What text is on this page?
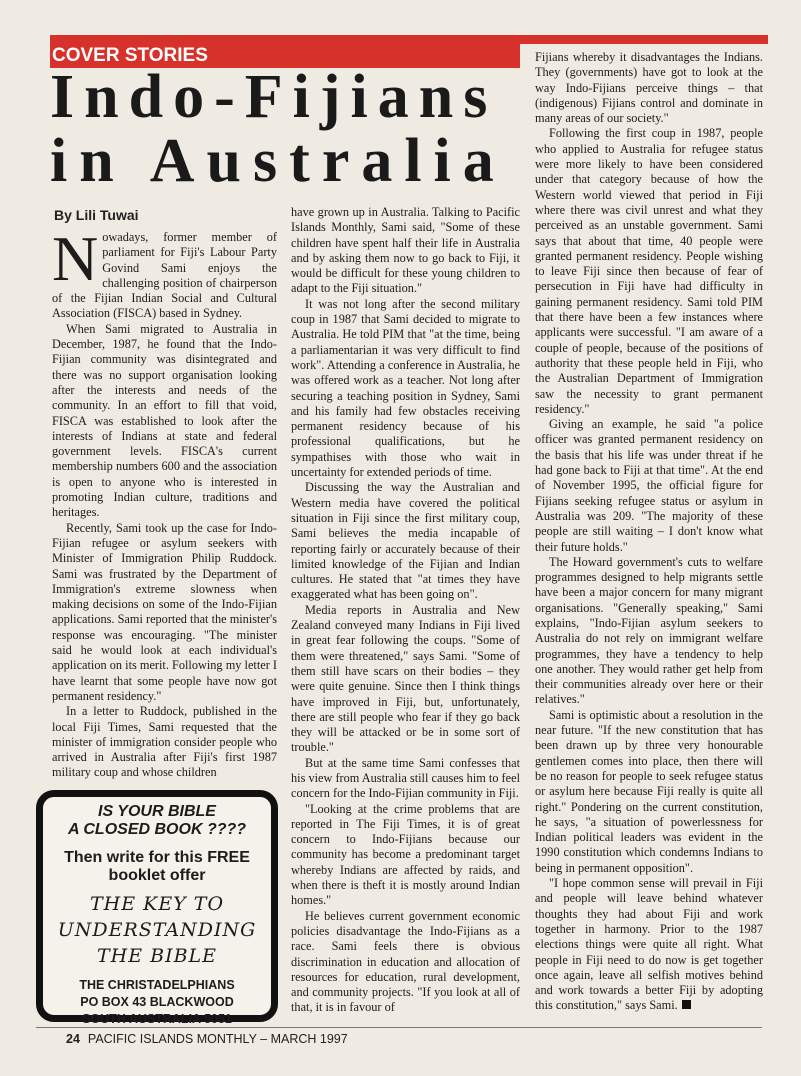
COVER STORIES
Indo-Fijians
in Australia
By Lili Tuwai

Nowadays, former member of parliament for Fiji's Labour Party Govind Sami enjoys the challenging position of chairperson of the Fijian Indian Social and Cultural Association (FISCA) based in Sydney.

When Sami migrated to Australia in December, 1987, he found that the Indo-Fijian community was disintegrated and there was no support organisation looking after the interests and needs of the community. In an effort to fill that void, FISCA was established to look after the interests of Indians at state and federal government levels. FISCA's current membership numbers 600 and the association is open to anyone who is interested in promoting Indian culture, traditions and heritages.

Recently, Sami took up the case for Indo-Fijian refugee or asylum seekers with Minister of Immigration Philip Ruddock. Sami was frustrated by the Department of Immigration's extreme slowness when making decisions on some of the Indo-Fijian applications. Sami reported that the minister's response was encouraging. "The minister said he would look at each individual's application on its merit. Following my letter I have learnt that some people have now got permanent residency."

In a letter to Ruddock, published in the local Fiji Times, Sami requested that the minister of immigration consider people who arrived in Australia after Fiji's first 1987 military coup and whose children

have grown up in Australia. Talking to Pacific Islands Monthly, Sami said, "Some of these children have spent half their life in Australia and by asking them now to go back to Fiji, it would be difficult for these young children to adapt to the Fiji situation."

It was not long after the second military coup in 1987 that Sami decided to migrate to Australia. He told PIM that "at the time, being a parliamentarian it was very difficult to find work". Attending a conference in Australia, he was offered work as a teacher. Not long after securing a teaching position in Sydney, Sami and his family had few obstacles receiving permanent residency because of his professional qualifications, but he sympathises with those who wait in uncertainty for extended periods of time.

Discussing the way the Australian and Western media have covered the political situation in Fiji since the first military coup, Sami believes the media incapable of reporting fairly or accurately because of their limited knowledge of the Fijian and Indian cultures. He stated that "at times they have exaggerated what has been going on".

Media reports in Australia and New Zealand conveyed many Indians in Fiji lived in great fear following the coups. "Some of them were threatened," says Sami. "Some of them still have scars on their bodies – they were quite genuine. Since then I think things have improved in Fiji, but, unfortunately, there are still people who fear if they go back they will be attacked or be in some sort of trouble."

But at the same time Sami confesses that his view from Australia still causes him to feel concern for the Indo-Fijian community in Fiji.

"Looking at the crime problems that are reported in The Fiji Times, it is of great concern to Indo-Fijians because our community has become a predominant target whereby Indians are affected by raids, and when there is theft it is mostly around Indian homes."

He believes current government economic policies disadvantage the Indo-Fijians as a race. Sami feels there is obvious discrimination in education and allocation of resources for education, rural development, and community projects. "If you look at all of that, it is in favour of

Fijians whereby it disadvantages the Indians. They (governments) have got to look at the way Indo-Fijians perceive things – that (indigenous) Fijians control and dominate in many areas of our society."

Following the first coup in 1987, people who applied to Australia for refugee status were more likely to have been considered under that category because of how the Western world viewed that period in Fiji where there was civil unrest and what they perceived as an unstable government. Sami says that about that time, 40 people were granted permanent residency. People wishing to leave Fiji since then because of fear of persecution in Fiji have had difficulty in gaining permanent residency. Sami told PIM that there have been a few instances where applicants were successful. "I am aware of a couple of people, because of the positions of authority that these people held in Fiji, who the Australian Department of Immigration saw the necessity to grant permanent residency."

Giving an example, he said "a police officer was granted permanent residency on the basis that his life was under threat if he had gone back to Fiji at that time". At the end of November 1995, the official figure for Fijians seeking refugee status or asylum in Australia was 209. "The majority of these people are still waiting – I don't know what their future holds."

The Howard government's cuts to welfare programmes designed to help migrants settle have been a major concern for many migrant organisations. "Generally speaking," Sami explains, "Indo-Fijian asylum seekers to Australia do not rely on immigrant welfare programmes, they have a tendency to help one another. They would rather get help from their communities already over here or their relatives."

Sami is optimistic about a resolution in the near future. "If the new constitution that has been drawn up by three very honourable gentlemen comes into place, then there will be no reason for people to seek refugee status or asylum here because Fiji really is quite all right." Pondering on the current constitution, he says, "a situation of powerlessness for Indian political leaders was evident in the 1990 constitution which condemns Indians to being in permanent opposition".

"I hope common sense will prevail in Fiji and people will leave behind whatever thoughts they had about Fiji and work together in harmony. Prior to the 1987 elections things were quite all right. What people in Fiji need to do now is get together once again, leave all selfish motives behind and work towards a better Fiji by adopting this constitution," says Sami.

IS YOUR BIBLE
A CLOSED BOOK ????
Then write for this FREE
booklet offer
THE KEY TO
UNDERSTANDING
THE BIBLE
THE CHRISTADELPHIANS
PO BOX 43 BLACKWOOD
SOUTH AUSTRALIA 5051
24 PACIFIC ISLANDS MONTHLY – MARCH 1997
